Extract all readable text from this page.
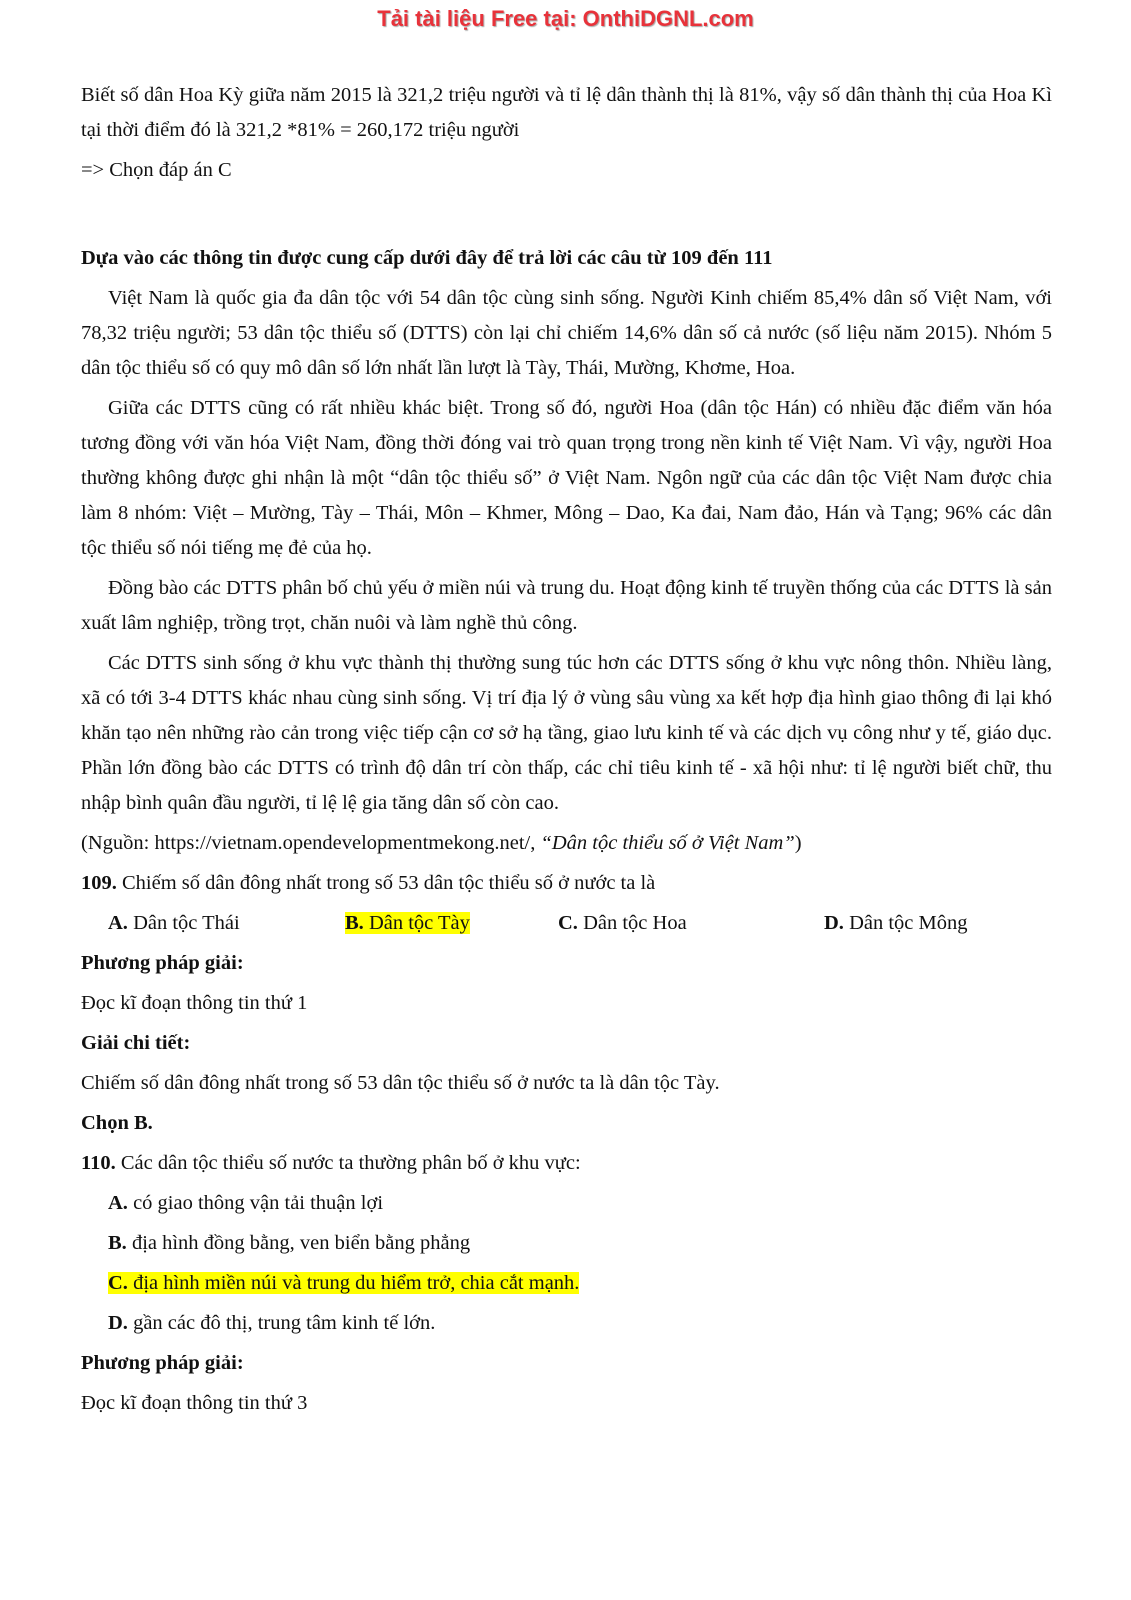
Tải tài liệu Free tại: OnthiDGNL.com

Biết số dân Hoa Kỳ giữa năm 2015 là 321,2 triệu người và tỉ lệ dân thành thị là 81%, vậy số dân thành thị của Hoa Kì tại thời điểm đó là 321,2 *81% = 260,172 triệu người

=> Chọn đáp án C

Dựa vào các thông tin được cung cấp dưới đây để trả lời các câu từ 109 đến 111

Việt Nam là quốc gia đa dân tộc với 54 dân tộc cùng sinh sống. Người Kinh chiếm 85,4% dân số Việt Nam, với 78,32 triệu người; 53 dân tộc thiểu số (DTTS) còn lại chỉ chiếm 14,6% dân số cả nước (số liệu năm 2015). Nhóm 5 dân tộc thiểu số có quy mô dân số lớn nhất lần lượt là Tày, Thái, Mường, Khơme, Hoa.

Giữa các DTTS cũng có rất nhiều khác biệt. Trong số đó, người Hoa (dân tộc Hán) có nhiều đặc điểm văn hóa tương đồng với văn hóa Việt Nam, đồng thời đóng vai trò quan trọng trong nền kinh tế Việt Nam. Vì vậy, người Hoa thường không được ghi nhận là một “dân tộc thiểu số” ở Việt Nam. Ngôn ngữ của các dân tộc Việt Nam được chia làm 8 nhóm: Việt – Mường, Tày – Thái, Môn – Khmer, Mông – Dao, Ka đai, Nam đảo, Hán và Tạng; 96% các dân tộc thiểu số nói tiếng mẹ đẻ của họ.

Đồng bào các DTTS phân bố chủ yếu ở miền núi và trung du. Hoạt động kinh tế truyền thống của các DTTS là sản xuất lâm nghiệp, trồng trọt, chăn nuôi và làm nghề thủ công.

Các DTTS sinh sống ở khu vực thành thị thường sung túc hơn các DTTS sống ở khu vực nông thôn. Nhiều làng, xã có tới 3-4 DTTS khác nhau cùng sinh sống. Vị trí địa lý ở vùng sâu vùng xa kết hợp địa hình giao thông đi lại khó khăn tạo nên những rào cản trong việc tiếp cận cơ sở hạ tầng, giao lưu kinh tế và các dịch vụ công như y tế, giáo dục. Phần lớn đồng bào các DTTS có trình độ dân trí còn thấp, các chỉ tiêu kinh tế - xã hội như: tỉ lệ người biết chữ, thu nhập bình quân đầu người, tỉ lệ lệ gia tăng dân số còn cao.

(Nguồn: https://vietnam.opendevelopmentmekong.net/, “Dân tộc thiểu số ở Việt Nam”)

109. Chiếm số dân đông nhất trong số 53 dân tộc thiểu số ở nước ta là

A. Dân tộc Thái	B. Dân tộc Tày	C. Dân tộc Hoa	D. Dân tộc Mông

Phương pháp giải:

Đọc kĩ đoạn thông tin thứ 1

Giải chi tiết:

Chiếm số dân đông nhất trong số 53 dân tộc thiểu số ở nước ta là dân tộc Tày.

Chọn B.

110. Các dân tộc thiểu số nước ta thường phân bố ở khu vực:

A. có giao thông vận tải thuận lợi

B. địa hình đồng bằng, ven biển bằng phẳng

C. địa hình miền núi và trung du hiểm trở, chia cắt mạnh.

D. gần các đô thị, trung tâm kinh tế lớn.

Phương pháp giải:

Đọc kĩ đoạn thông tin thứ 3
